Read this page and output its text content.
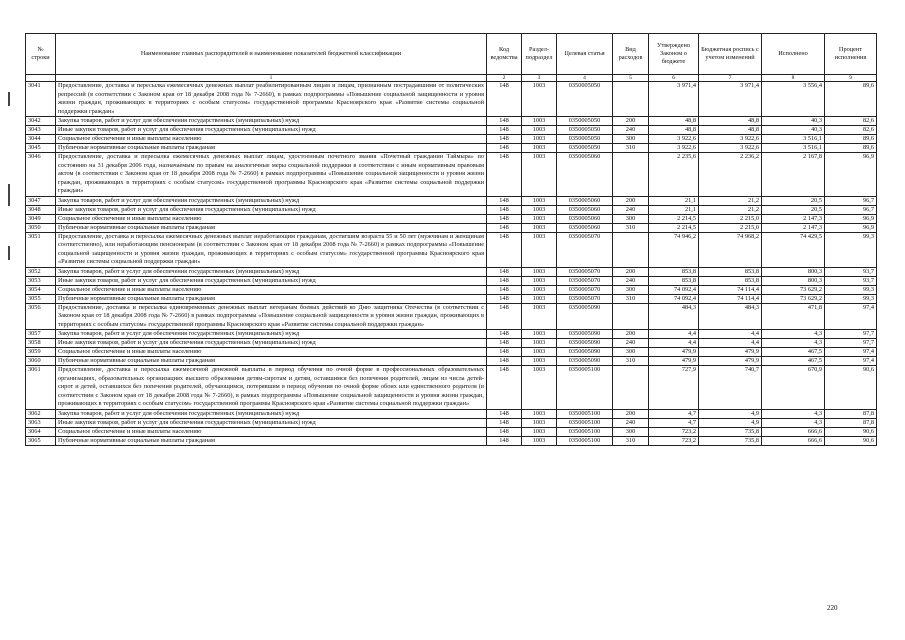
№ строки	Наименование главных распорядителей и наименование показателей бюджетной классификации	Код ведомства	Раздел-подраздел	Целевая статья	Вид расходов	Утверждено Законом о бюджете	Бюджетная роспись с учетом изменений	Исполнено	Процент исполнения
	1	2	3	4	5	6	7	8	9
3041	Предоставление, доставка и пересылка ежемесячных денежных выплат реабилитированным лицам и лицам, признанным пострадавшими от политических репрессий (в соответствии с Законом края от 18 декабря 2008 года № 7-2660), в рамках подпрограммы «Повышение социальной защищенности и уровня жизни граждан, проживающих в территориях с особым статусом» государственной программы Красноярского края «Развитие системы социальной поддержки граждан»	148	1003	0350005050		3 971,4	3 971,4	3 556,4	89,6
3042	Закупка товаров, работ и услуг для обеспечения государственных (муниципальных) нужд	148	1003	0350005050	200	48,8	48,8	40,3	82,6
3043	Иные закупки товаров, работ и услуг для обеспечения государственных (муниципальных) нужд	148	1003	0350005050	240	48,8	48,8	40,3	82,6
3044	Социальное обеспечение и иные выплаты населению	148	1003	0350005050	300	3 922,6	3 922,6	3 516,1	89,6
3045	Публичные нормативные социальные выплаты гражданам	148	1003	0350005050	310	3 922,6	3 922,6	3 516,1	89,6
3046	Предоставление, доставка и пересылка ежемесячных денежных выплат лицам, удостоенным почетного звания «Почетный гражданин Таймыра» по состоянию на 31 декабря 2006 года, назначаемым по правам на аналогичные меры социальной поддержки в соответствии с иным нормативным правовым актом (в соответствии с Законом края от 18 декабря 2008 года № 7-2660) в рамках подпрограммы «Повышение социальной защищенности и уровня жизни граждан, проживающих в территориях с особым статусом» государственной программы Красноярского края «Развитие системы социальной поддержки граждан»	148	1003	0350005060		2 235,6	2 236,2	2 167,8	96,9
3047	Закупка товаров, работ и услуг для обеспечения государственных (муниципальных) нужд	148	1003	0350005060	200	21,1	21,2	20,5	96,7
3048	Иные закупки товаров, работ и услуг для обеспечения государственных (муниципальных) нужд	148	1003	0350005060	240	21,1	21,2	20,5	96,7
3049	Социальное обеспечение и иные выплаты населению	148	1003	0350005060	300	2 214,5	2 215,0	2 147,3	96,9
3050	Публичные нормативные социальные выплаты гражданам	148	1003	0350005060	310	2 214,5	2 215,0	2 147,3	96,9
3051	Предоставление, доставка и пересылка ежемесячных денежных выплат неработающим гражданам, достигшим возраста 55 и 50 лет (мужчинам и женщинам соответственно), или неработающим пенсионерам (в соответствии с Законом края от 18 декабря 2008 года № 7-2660) в рамках подпрограммы «Повышение социальной защищенности и уровня жизни граждан, проживающих в территориях с особым статусом» государственной программы Красноярского края «Развитие системы социальной поддержки граждан»	148	1003	0350005070		74 946,2	74 968,2	74 429,5	99,3
3052	Закупка товаров, работ и услуг для обеспечения государственных (муниципальных) нужд	148	1003	0350005070	200	853,8	853,8	800,3	93,7
3053	Иные закупки товаров, работ и услуг для обеспечения государственных (муниципальных) нужд	148	1003	0350005070	240	853,8	853,8	800,3	93,7
3054	Социальное обеспечение и иные выплаты населению	148	1003	0350005070	300	74 092,4	74 114,4	73 629,2	99,3
3055	Публичные нормативные социальные выплаты гражданам	148	1003	0350005070	310	74 092,4	74 114,4	73 629,2	99,3
3056	Предоставление, доставка и пересылка единовременных денежных выплат ветеранам боевых действий ко Дню защитника Отечества (в соответствии с Законом края от 18 декабря 2008 года № 7-2660) в рамках подпрограммы «Повышение социальной защищенности и уровня жизни граждан, проживающих в территориях с особым статусом» государственной программы Красноярского края «Развитие системы социальной поддержки граждан»	148	1003	0350005090		484,3	484,3	471,8	97,4
3057	Закупка товаров, работ и услуг для обеспечения государственных (муниципальных) нужд	148	1003	0350005090	200	4,4	4,4	4,3	97,7
3058	Иные закупки товаров, работ и услуг для обеспечения государственных (муниципальных) нужд	148	1003	0350005090	240	4,4	4,4	4,3	97,7
3059	Социальное обеспечение и иные выплаты населению	148	1003	0350005090	300	479,9	479,9	467,5	97,4
3060	Публичные нормативные социальные выплаты гражданам	148	1003	0350005090	310	479,9	479,9	467,5	97,4
3061	Предоставление, доставка и пересылка ежемесячной денежной выплаты в период обучения по очной форме в профессиональных образовательных организациях, образовательных организациях высшего образования детям-сиротам и детям, оставшимся без попечения родителей, лицам из числа детей-сирот и детей, оставшихся без попечения родителей, обучающимся, потерявшим в период обучения по очной форме обоих или единственного родителя (в соответствии с Законом края от 18 декабря 2008 года № 7-2660), в рамках подпрограммы «Повышение социальной защищенности и уровня жизни граждан, проживающих в территориях с особым статусом» государственной программы Красноярского края «Развитие системы социальной поддержки граждан»	148	1003	0350005100		727,9	740,7	670,9	90,6
3062	Закупка товаров, работ и услуг для обеспечения государственных (муниципальных) нужд	148	1003	0350005100	200	4,7	4,9	4,3	87,8
3063	Иные закупки товаров, работ и услуг для обеспечения государственных (муниципальных) нужд	148	1003	0350005100	240	4,7	4,9	4,3	87,8
3064	Социальное обеспечение и иные выплаты населению	148	1003	0350005100	300	723,2	735,8	666,6	90,6
3065	Публичные нормативные социальные выплаты гражданам	148	1003	0350005100	310	723,2	735,8	666,6	90,6
220
